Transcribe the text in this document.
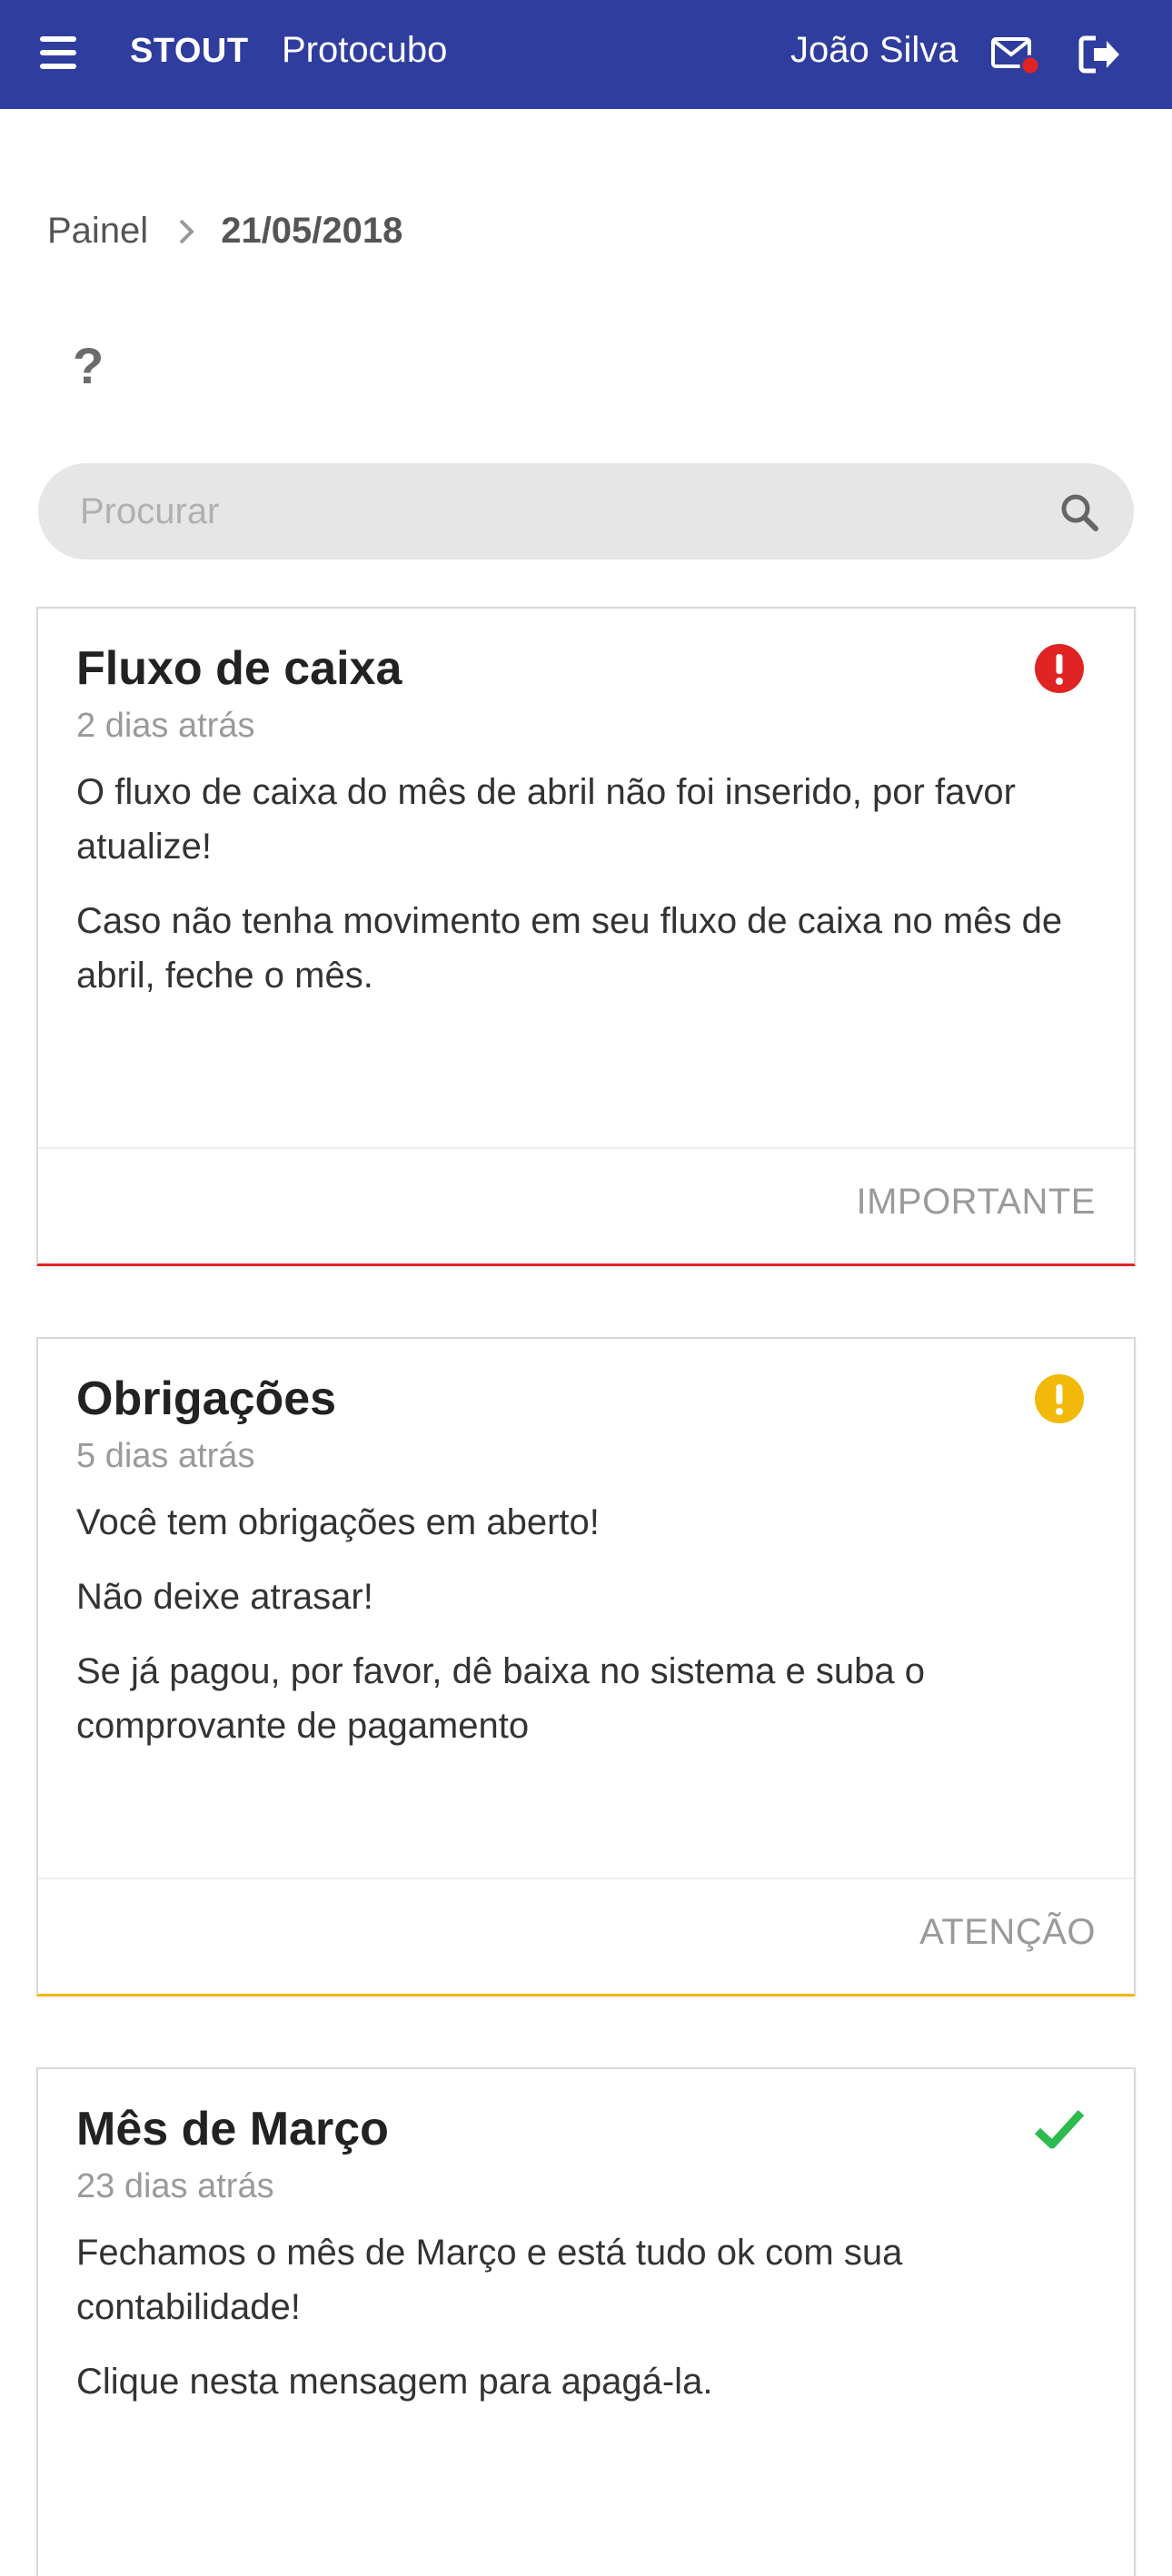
STOUT Protocubo	João Silva
Painel 21/05/2018
?
Procurar
Fluxo de caixa
2 dias atrás

O fluxo de caixa do mês de abril não foi inserido, por favor atualize!

Caso não tenha movimento em seu fluxo de caixa no mês de abril, feche o mês.

IMPORTANTE
Obrigações
5 dias atrás

Você tem obrigações em aberto!

Não deixe atrasar!

Se já pagou, por favor, dê baixa no sistema e suba o comprovante de pagamento

ATENÇÃO
Mês de Março
23 dias atrás

Fechamos o mês de Março e está tudo ok com sua contabilidade!

Clique nesta mensagem para apagá-la.
